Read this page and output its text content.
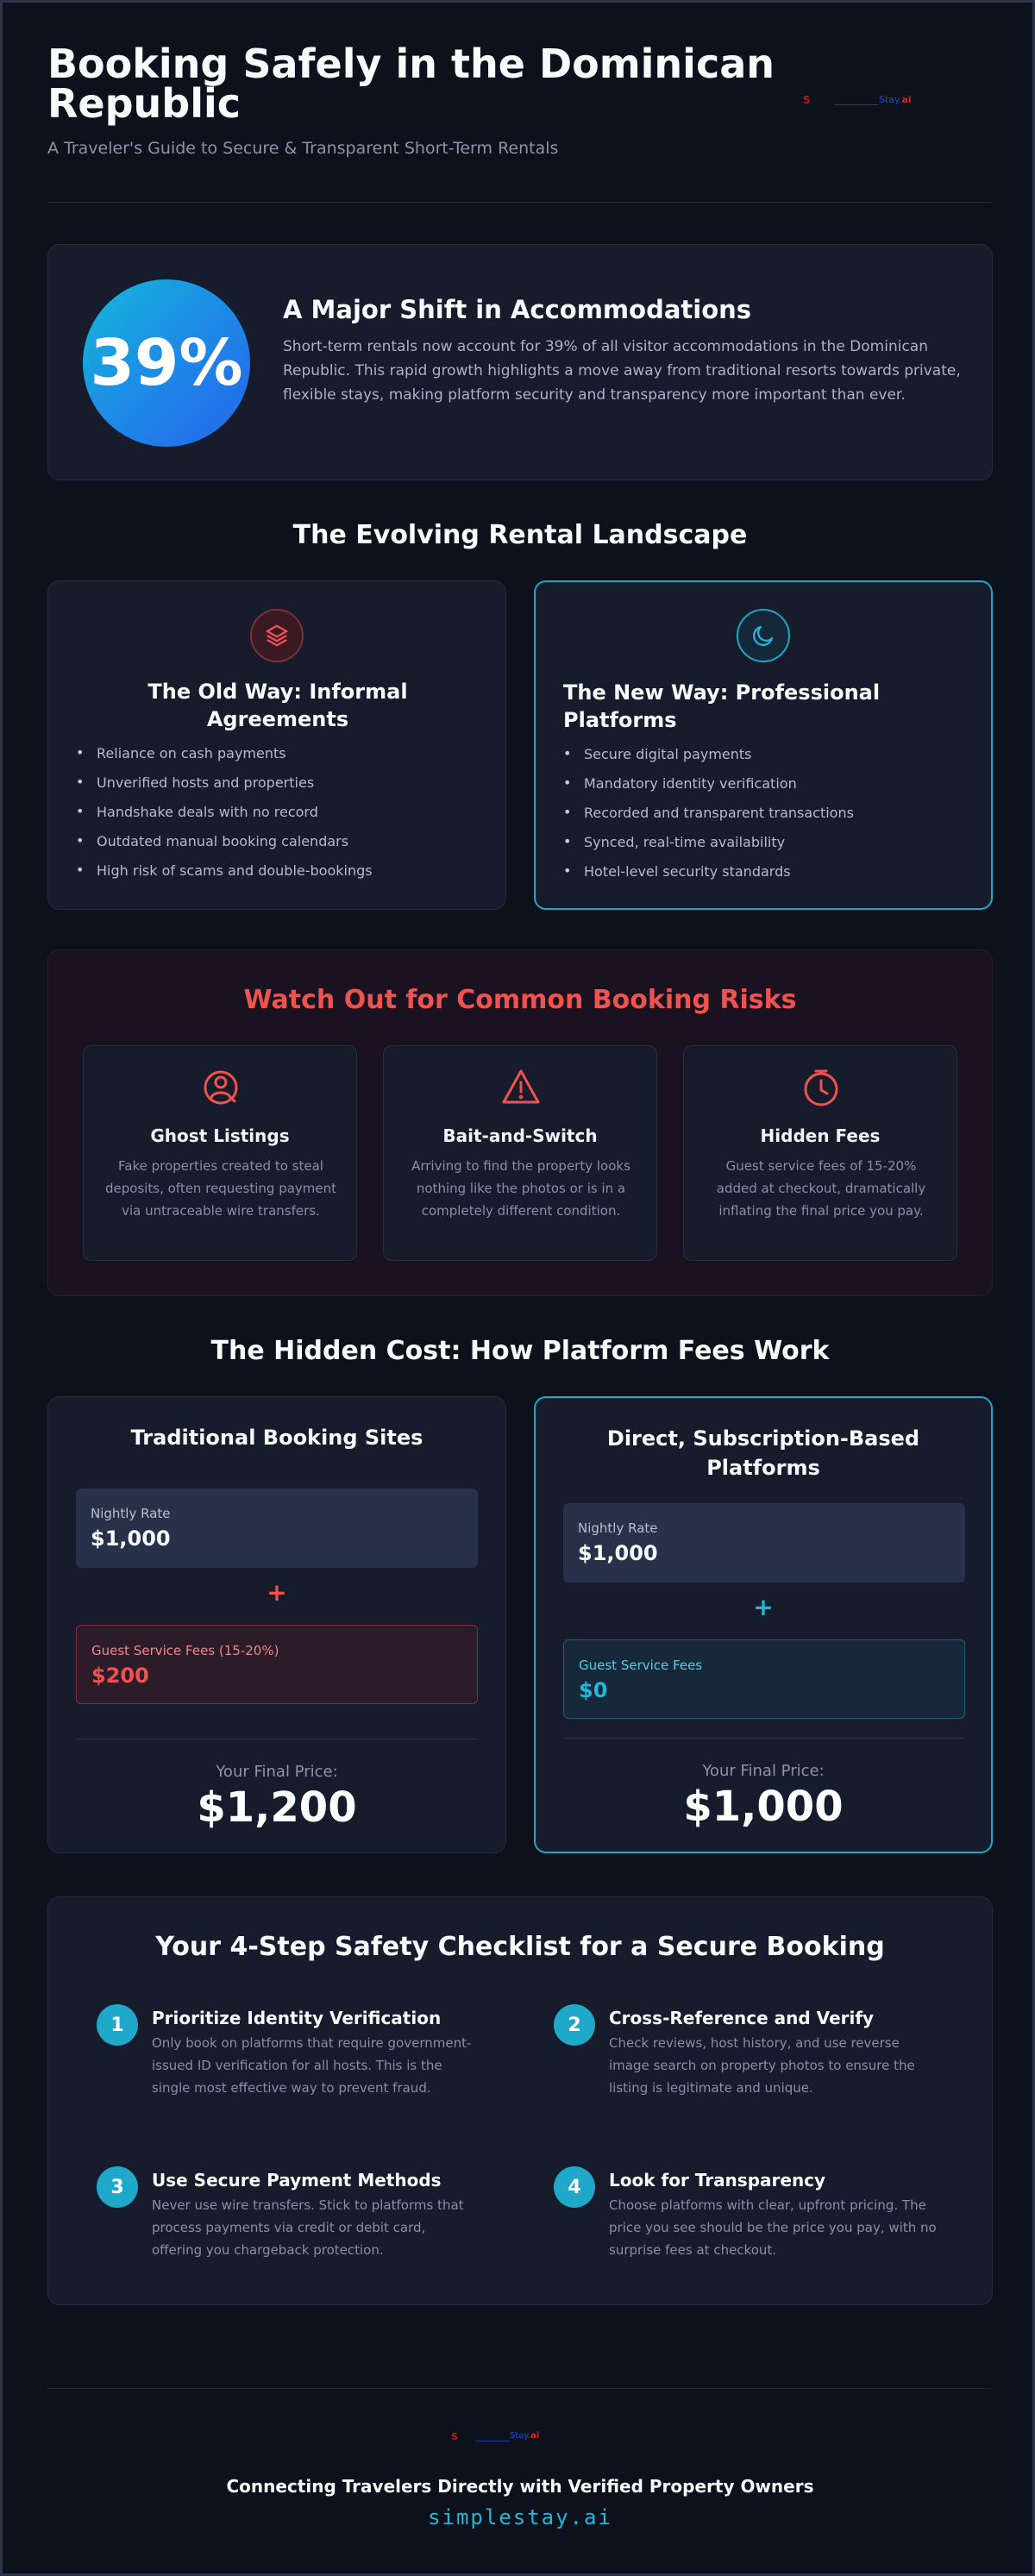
Booking Safely in the Dominican Republic
A Traveler's Guide to Secure & Transparent Short-Term Rentals
S	Stay.ai
39%
A Major Shift in Accommodations
Short-term rentals now account for 39% of all visitor accommodations in the Dominican Republic. This rapid growth highlights a move away from traditional resorts towards private, flexible stays, making platform security and transparency more important than ever.
The Evolving Rental Landscape
The Old Way: Informal Agreements
• Reliance on cash payments
• Unverified hosts and properties
• Handshake deals with no record
• Outdated manual booking calendars
• High risk of scams and double-bookings
The New Way: Professional Platforms
• Secure digital payments
• Mandatory identity verification
• Recorded and transparent transactions
• Synced, real-time availability
• Hotel-level security standards
Watch Out for Common Booking Risks
Ghost Listings
Fake properties created to steal deposits, often requesting payment via untraceable wire transfers.
Bait-and-Switch
Arriving to find the property looks nothing like the photos or is in a completely different condition.
Hidden Fees
Guest service fees of 15-20% added at checkout, dramatically inflating the final price you pay.
The Hidden Cost: How Platform Fees Work
Traditional Booking Sites
Nightly Rate
$1,000
+
Guest Service Fees (15-20%)
$200
Your Final Price:
$1,200
Direct, Subscription-Based Platforms
Nightly Rate
$1,000
+
Guest Service Fees
$0
Your Final Price:
$1,000
Your 4-Step Safety Checklist for a Secure Booking
1	Prioritize Identity Verification
Only book on platforms that require government-issued ID verification for all hosts. This is the single most effective way to prevent fraud.
2	Cross-Reference and Verify
Check reviews, host history, and use reverse image search on property photos to ensure the listing is legitimate and unique.
3	Use Secure Payment Methods
Never use wire transfers. Stick to platforms that process payments via credit or debit card, offering you chargeback protection.
4	Look for Transparency
Choose platforms with clear, upfront pricing. The price you see should be the price you pay, with no surprise fees at checkout.
S	Stay.ai
Connecting Travelers Directly with Verified Property Owners
simplestay.ai
